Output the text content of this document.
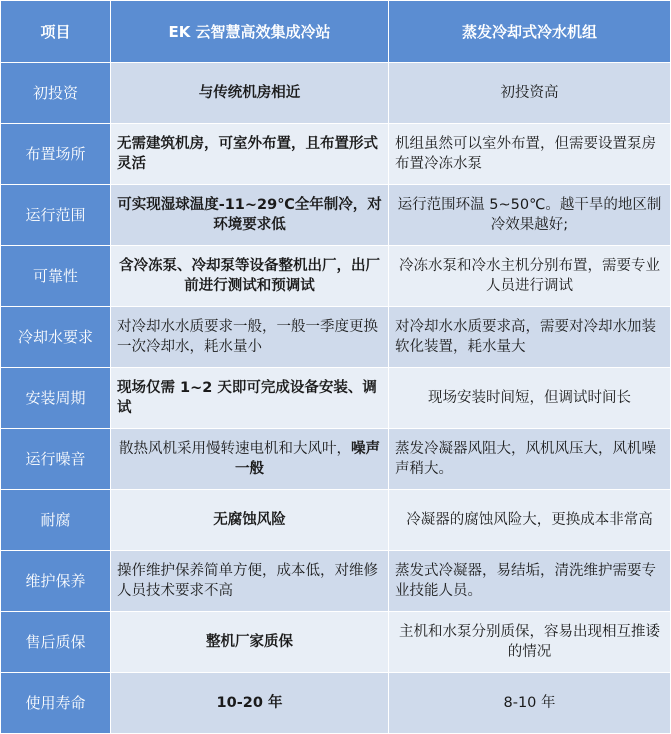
项目	EK 云智慧高效集成冷站	蒸发冷却式冷水机组
初投资	与传统机房相近	初投资高
布置场所	无需建筑机房，可室外布置，且布置形式灵活	机组虽然可以室外布置，但需要设置泵房布置冷冻水泵
运行范围	可实现湿球温度-11~29℃全年制冷，对环境要求低	运行范围环温 5~50℃。越干旱的地区制冷效果越好;
可靠性	含冷冻泵、冷却泵等设备整机出厂，出厂前进行测试和预调试	冷冻水泵和冷水主机分别布置，需要专业人员进行调试
冷却水要求	对冷却水水质要求一般，一般一季度更换一次冷却水，耗水量小	对冷却水水质要求高，需要对冷却水加装软化装置，耗水量大
安装周期	现场仅需 1~2 天即可完成设备安装、调试	现场安装时间短，但调试时间长
运行噪音	散热风机采用慢转速电机和大风叶，噪声一般	蒸发冷凝器风阻大，风机风压大，风机噪声稍大。
耐腐	无腐蚀风险	冷凝器的腐蚀风险大，更换成本非常高
维护保养	操作维护保养简单方便，成本低，对维修人员技术要求不高	蒸发式冷凝器，易结垢，清洗维护需要专业技能人员。
售后质保	整机厂家质保	主机和水泵分别质保，容易出现相互推诿的情况
使用寿命	10-20 年	8-10 年
